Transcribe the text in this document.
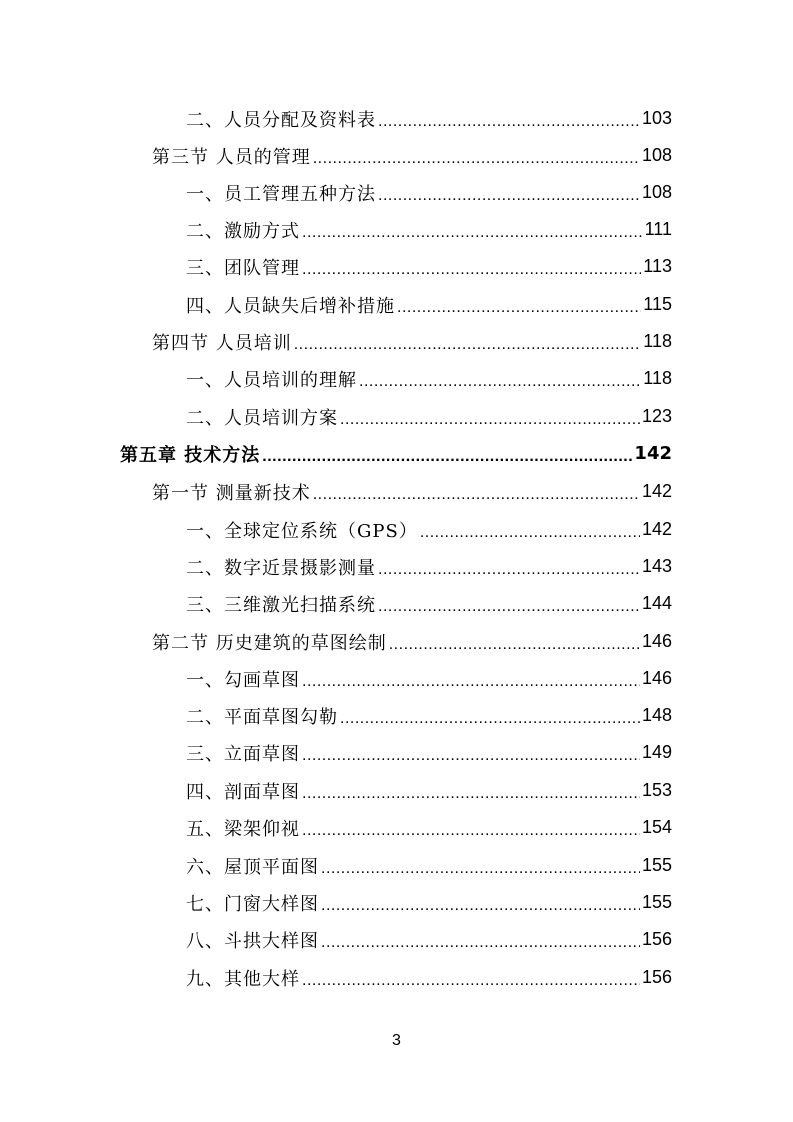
二、人员分配及资料表 .....	103
第三节 人员的管理 .....	108
一、员工管理五种方法 .....	108
二、激励方式 .....	111
三、团队管理 .....	113
四、人员缺失后增补措施 .....	115
第四节 人员培训 .....	118
一、人员培训的理解 .....	118
二、人员培训方案 .....	123
第五章 技术方法 .....	142
第一节 测量新技术 .....	142
一、全球定位系统（GPS） .....	142
二、数字近景摄影测量 .....	143
三、三维激光扫描系统 .....	144
第二节 历史建筑的草图绘制 .....	146
一、勾画草图 .....	146
二、平面草图勾勒 .....	148
三、立面草图 .....	149
四、剖面草图 .....	153
五、梁架仰视 .....	154
六、屋顶平面图 .....	155
七、门窗大样图 .....	155
八、斗拱大样图 .....	156
九、其他大样 .....	156
3
